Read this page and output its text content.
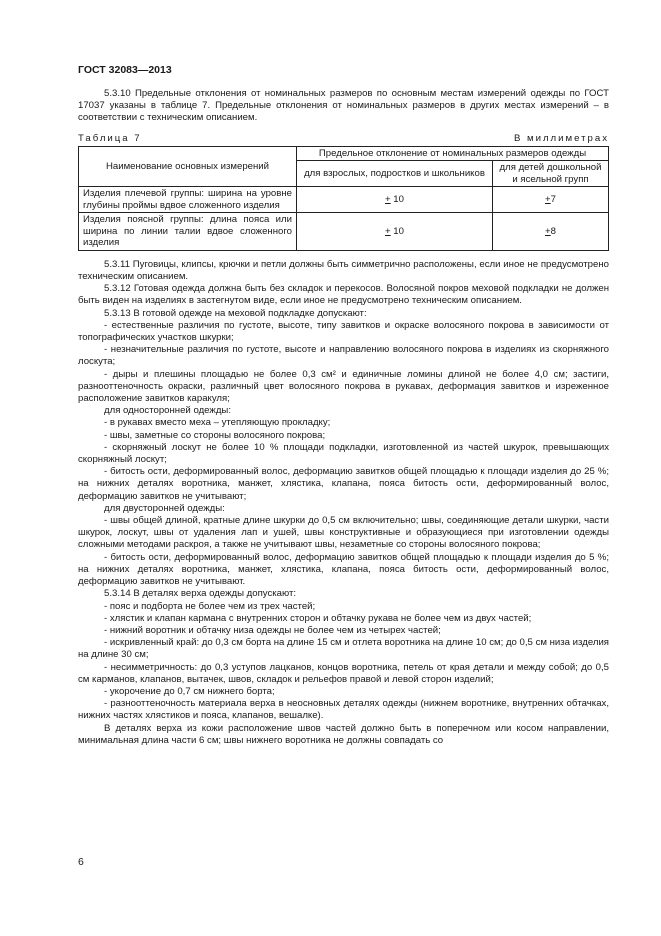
ГОСТ 32083—2013

5.3.10 Предельные отклонения от номинальных размеров по основным местам измерений одежды по ГОСТ 17037 указаны в таблице 7. Предельные отклонения от номинальных размеров в других местах измерений – в соответствии с техническим описанием.

Таблица 7	В миллиметрах
Наименование основных измерений	Предельное отклонение от номинальных размеров одежды	
	для взрослых, подростков и школьников	для детей дошкольной и ясельной групп
Изделия плечевой группы: ширина на уровне глубины проймы вдвое сложенного изделия	+ 10	+7
Изделия поясной группы: длина пояса или ширина по линии талии вдвое сложенного изделия	+ 10	+8

5.3.11 Пуговицы, клипсы, крючки и петли должны быть симметрично расположены, если иное не предусмотрено техническим описанием.

5.3.12 Готовая одежда должна быть без складок и перекосов. Волосяной покров меховой подкладки не должен быть виден на изделиях в застегнутом виде, если иное не предусмотрено техническим описанием.

5.3.13 В готовой одежде на меховой подкладке допускают:

- естественные различия по густоте, высоте, типу завитков и окраске волосяного покрова в зависимости от топографических участков шкурки;

- незначительные различия по густоте, высоте и направлению волосяного покрова в изделиях из скорняжного лоскута;

- дыры и плешины площадью не более 0,3 см² и единичные ломины длиной не более 4,0 см; застиги, разнооттеночность окраски, различный цвет волосяного покрова в рукавах, деформация завитков и изреженное расположение завитков каракуля;

для односторонней одежды:

- в рукавах вместо меха – утепляющую прокладку;

- швы, заметные со стороны волосяного покрова;

- скорняжный лоскут не более 10 % площади подкладки, изготовленной из частей шкурок, превышающих скорняжный лоскут;

- битость ости, деформированный волос, деформацию завитков общей площадью к площади изделия до 25 %; на нижних деталях воротника, манжет, хлястика, клапана, пояса битость ости, деформированный волос, деформацию завитков не учитывают;

для двусторонней одежды:

- швы общей длиной, кратные длине шкурки до 0,5 см включительно; швы, соединяющие детали шкурки, части шкурок, лоскут, швы от удаления лап и ушей, швы конструктивные и образующиеся при изготовлении одежды сложными методами раскроя, а также не учитывают швы, незаметные со стороны волосяного покрова;

- битость ости, деформированный волос, деформацию завитков общей площадью к площади изделия до 5 %; на нижних деталях воротника, манжет, хлястика, клапана, пояса битость ости, деформированный волос, деформацию завитков не учитывают.

5.3.14 В деталях верха одежды допускают:

- пояс и подборта не более чем из трех частей;

- хлястик и клапан кармана с внутренних сторон и обтачку рукава не более чем из двух частей;

- нижний воротник и обтачку низа одежды не более чем из четырех частей;

- искривленный край: до 0,3 см борта на длине 15 см и отлета воротника на длине 10 см; до 0,5 см низа изделия на длине 30 см;

- несимметричность: до 0,3 уступов лацканов, концов воротника, петель от края детали и между собой; до 0,5 см карманов, клапанов, вытачек, швов, складок и рельефов правой и левой сторон изделий;

- укорочение до 0,7 см нижнего борта;

- разнооттеночность материала верха в неосновных деталях одежды (нижнем воротнике, внутренних обтачках, нижних частях хлястиков и пояса, клапанов, вешалке).

В деталях верха из кожи расположение швов частей должно быть в поперечном или косом направлении, минимальная длина части 6 см; швы нижнего воротника не должны совпадать со

6
